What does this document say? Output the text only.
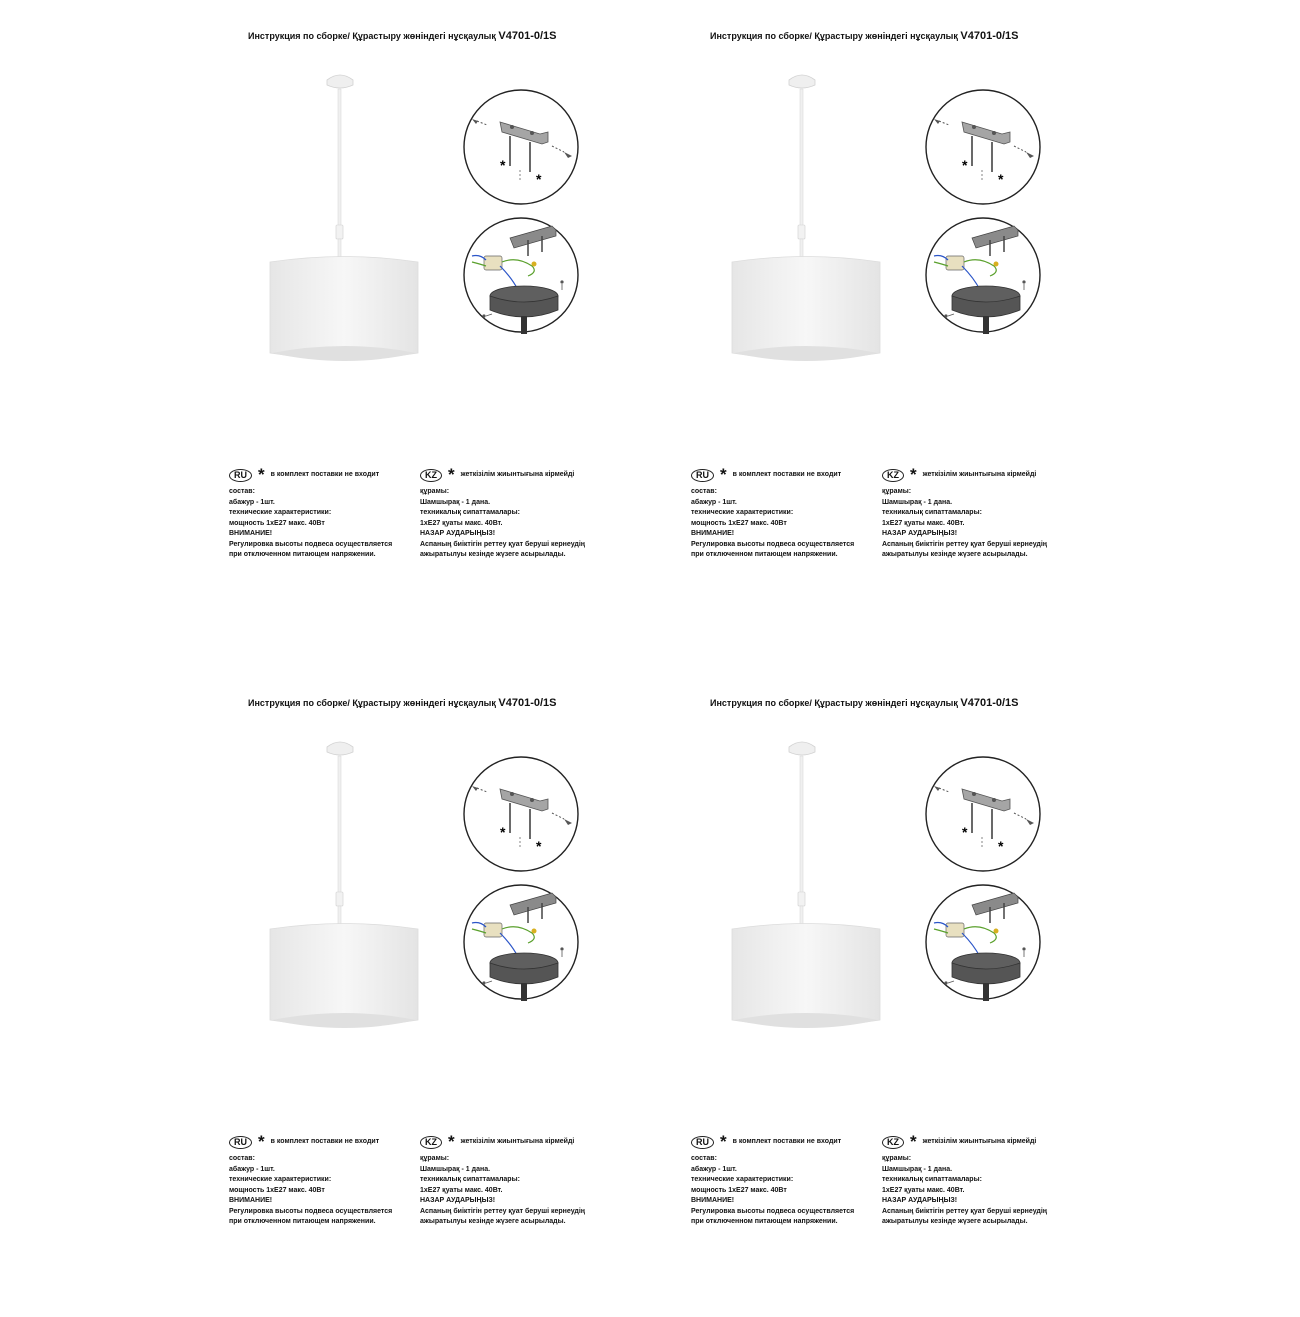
Инструкция по сборке/ Құрастыру жөніндегі нұсқаулық V4701-0/1S
*
*
RU * в комплект поставки не входит
состав:
абажур - 1шт.
технические характеристики:
мощность 1хЕ27 макс. 40Вт
ВНИМАНИЕ!
Регулировка высоты подвеса осуществляется
при отключенном питающем напряжении.
KZ * жеткізілім жиынтығына кірмейді
құрамы:
Шамшырақ - 1 дана.
техникалық сипаттамалары:
1хЕ27 қуаты макс. 40Вт.
НАЗАР АУДАРЫҢЫЗ!
Аспаның биіктігін реттеу қуат беруші кернеудің
ажыратылуы кезінде жүзеге асырылады.
Инструкция по сборке/ Құрастыру жөніндегі нұсқаулық V4701-0/1S
*
*
RU * в комплект поставки не входит
состав:
абажур - 1шт.
технические характеристики:
мощность 1хЕ27 макс. 40Вт
ВНИМАНИЕ!
Регулировка высоты подвеса осуществляется
при отключенном питающем напряжении.
KZ * жеткізілім жиынтығына кірмейді
құрамы:
Шамшырақ - 1 дана.
техникалық сипаттамалары:
1хЕ27 қуаты макс. 40Вт.
НАЗАР АУДАРЫҢЫЗ!
Аспаның биіктігін реттеу қуат беруші кернеудің
ажыратылуы кезінде жүзеге асырылады.
Инструкция по сборке/ Құрастыру жөніндегі нұсқаулық V4701-0/1S
*
*
RU * в комплект поставки не входит
состав:
абажур - 1шт.
технические характеристики:
мощность 1хЕ27 макс. 40Вт
ВНИМАНИЕ!
Регулировка высоты подвеса осуществляется
при отключенном питающем напряжении.
KZ * жеткізілім жиынтығына кірмейді
құрамы:
Шамшырақ - 1 дана.
техникалық сипаттамалары:
1хЕ27 қуаты макс. 40Вт.
НАЗАР АУДАРЫҢЫЗ!
Аспаның биіктігін реттеу қуат беруші кернеудің
ажыратылуы кезінде жүзеге асырылады.
Инструкция по сборке/ Құрастыру жөніндегі нұсқаулық V4701-0/1S
*
*
RU * в комплект поставки не входит
состав:
абажур - 1шт.
технические характеристики:
мощность 1хЕ27 макс. 40Вт
ВНИМАНИЕ!
Регулировка высоты подвеса осуществляется
при отключенном питающем напряжении.
KZ * жеткізілім жиынтығына кірмейді
құрамы:
Шамшырақ - 1 дана.
техникалық сипаттамалары:
1хЕ27 қуаты макс. 40Вт.
НАЗАР АУДАРЫҢЫЗ!
Аспаның биіктігін реттеу қуат беруші кернеудің
ажыратылуы кезінде жүзеге асырылады.
